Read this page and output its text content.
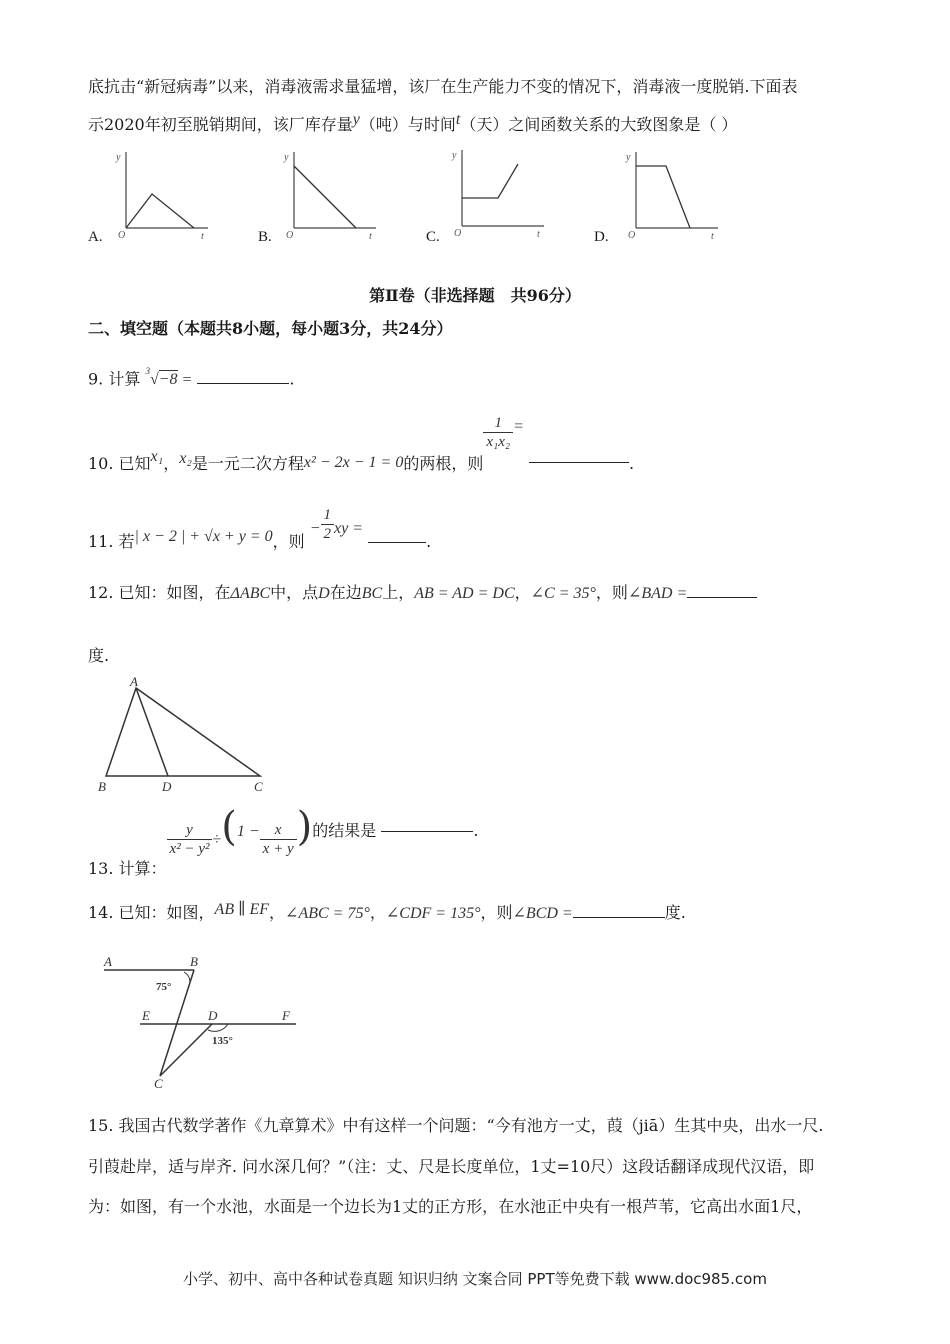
底抗击“新冠病毒”以来，消毒液需求量猛增，该厂在生产能力不变的情况下，消毒液一度脱销.下面表
示2020年初至脱销期间，该厂库存量y（吨）与时间t（天）之间函数关系的大致图象是（ ）
A.
y
O	t	B.
y
O	t	C.
y
O	t	D.
y
O	t
第Ⅱ卷（非选择题　共96分）
二、填空题（本题共8小题，每小题3分，共24分）
9. 计算 $^3$√−8 =	.
10. 已知x₁，x₂是一元二次方程x² − 2x − 1 = 0的两根，则
$\frac{1}{\text{x₁x₂}}$ = .
11. 若| x − 2 | + √x + y = 0，则 − $\frac{1}{2}$ xy = .
12. 已知：如图，在ΔABC中，点D在边BC上，AB = AD = DC，∠C = 35°，则∠BAD =
度.
A
B	D	C
13. 计算：
$\frac{y}{\text{x² − y²}} \div(1 - \frac{x}{x + y}$ )的结果是	.
14. 已知：如图，AB ∥ EF，∠ABC = 75°，∠CDF = 135°，则∠BCD =	度.
A	B
75°
E	D	F
135°
C
15. 我国古代数学著作《九章算术》中有这样一个问题：“今有池方一丈，葭（jiā）生其中央，出水一尺.
引葭赴岸，适与岸齐. 问水深几何？”（注：丈、尺是长度单位，1丈=10尺）这段话翻译成现代汉语，即
为：如图，有一个水池，水面是一个边长为1丈的正方形，在水池正中央有一根芦苇，它高出水面1尺，
小学、初中、高中各种试卷真题 知识归纳 文案合同 PPT等免费下载 www.doc985.com
